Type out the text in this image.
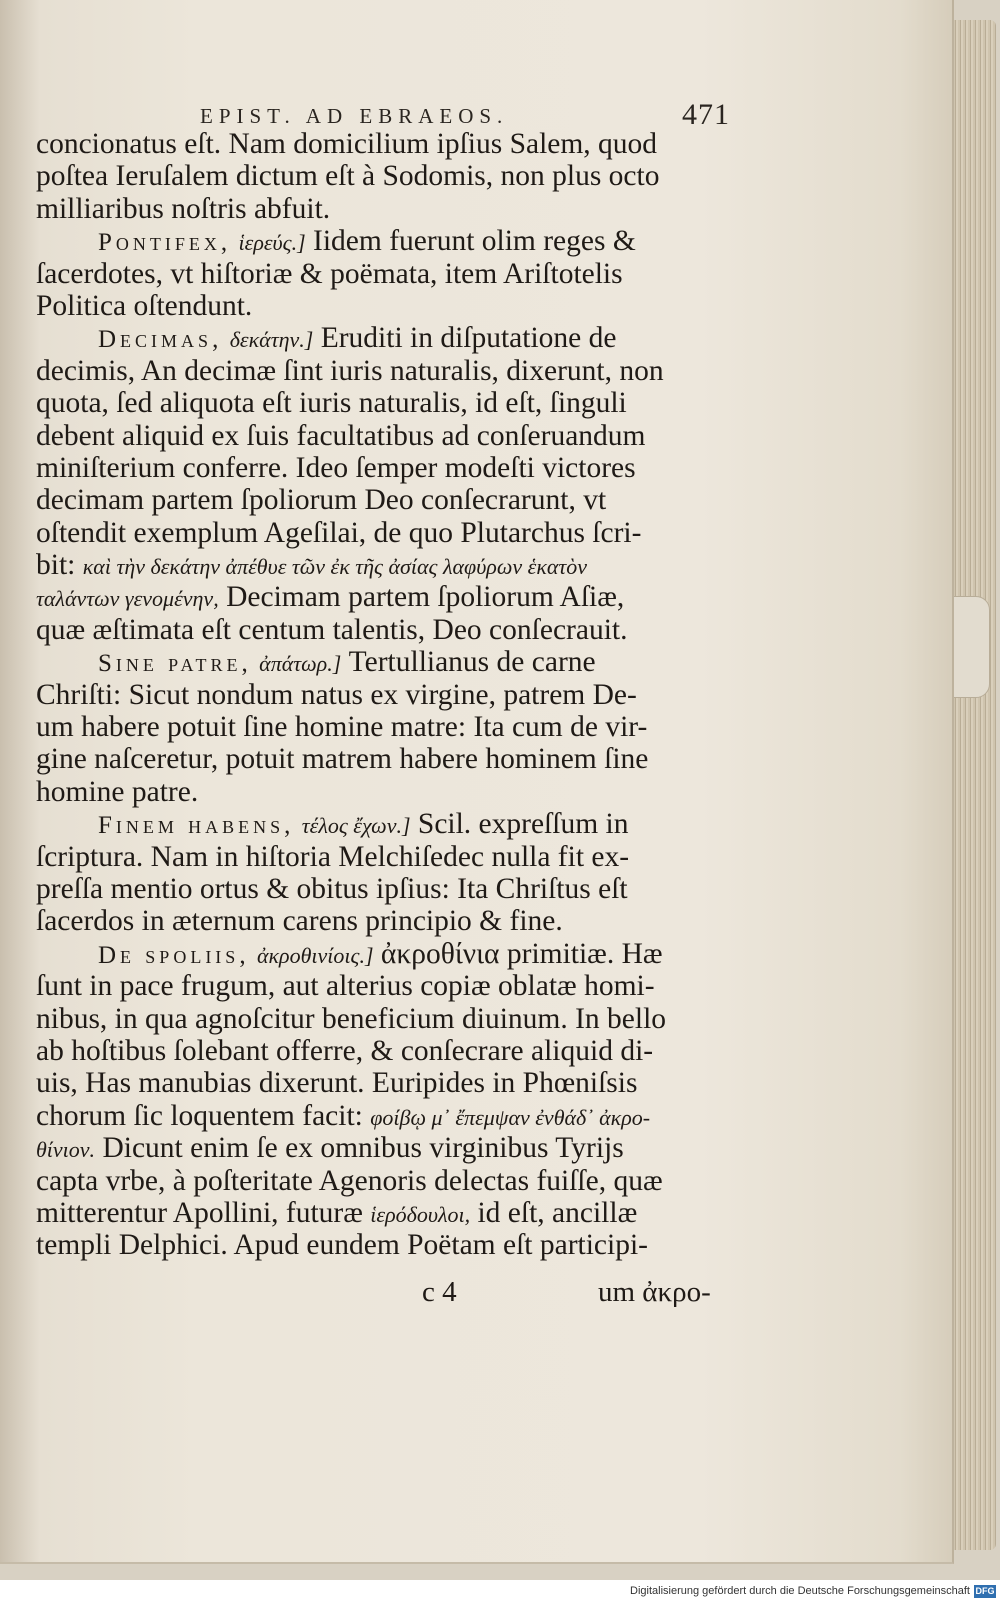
EPIST. AD EBRAEOS.	471
concionatus eſt. Nam domicilium ipſius Salem, quod
poſtea Ieruſalem dictum eſt à Sodomis, non plus octo
milliaribus noſtris abfuit.
Pontifex, ἱερεύς.] Iidem fuerunt olim reges &
ſacerdotes, vt hiſtoriæ & poëmata, item Ariſtotelis
Politica oſtendunt.
Decimas, δεκάτην.] Eruditi in diſputatione de
decimis, An decimæ ſint iuris naturalis, dixerunt, non
quota, ſed aliquota eſt iuris naturalis, id eſt, ſinguli
debent aliquid ex ſuis facultatibus ad conſeruandum
miniſterium conferre. Ideo ſemper modeſti victores
decimam partem ſpoliorum Deo conſecrarunt, vt
oſtendit exemplum Ageſilai, de quo Plutarchus ſcri-
bit: καὶ τὴν δεκάτην ἀπέθυε τῶν ἐκ τῆς ἀσίας λαφύρων ἑκατὸν
ταλάντων γενομένην, Decimam partem ſpoliorum Aſiæ,
quæ æſtimata eſt centum talentis, Deo conſecrauit.
Sine patre, ἀπάτωρ.] Tertullianus de carne
Chriſti: Sicut nondum natus ex virgine, patrem De-
um habere potuit ſine homine matre: Ita cum de vir-
gine naſceretur, potuit matrem habere hominem ſine
homine patre.
Finem habens, τέλος ἔχων.] Scil. expreſſum in
ſcriptura. Nam in hiſtoria Melchiſedec nulla fit ex-
preſſa mentio ortus & obitus ipſius: Ita Chriſtus eſt
ſacerdos in æternum carens principio & fine.
De spoliis, ἀκροθινίοις.] ἀκροθίνια primitiæ. Hæ
ſunt in pace frugum, aut alterius copiæ oblatæ homi-
nibus, in qua agnoſcitur beneficium diuinum. In bello
ab hoſtibus ſolebant offerre, & conſecrare aliquid di-
uis, Has manubias dixerunt. Euripides in Phœniſsis
chorum ſic loquentem facit: φοίβῳ μ᾿ ἔπεμψαν ἐνθάδ᾿ ἀκρο-
θίνιον. Dicunt enim ſe ex omnibus virginibus Tyrijs
capta vrbe, à poſteritate Agenoris delectas fuiſſe, quæ
mitterentur Apollini, futuræ ἱερόδουλοι, id eſt, ancillæ
templi Delphici. Apud eundem Poëtam eſt participi-
c 4	um ἀκρο-
Digitalisierung gefördert durch die Deutsche Forschungsgemeinschaft DFG
